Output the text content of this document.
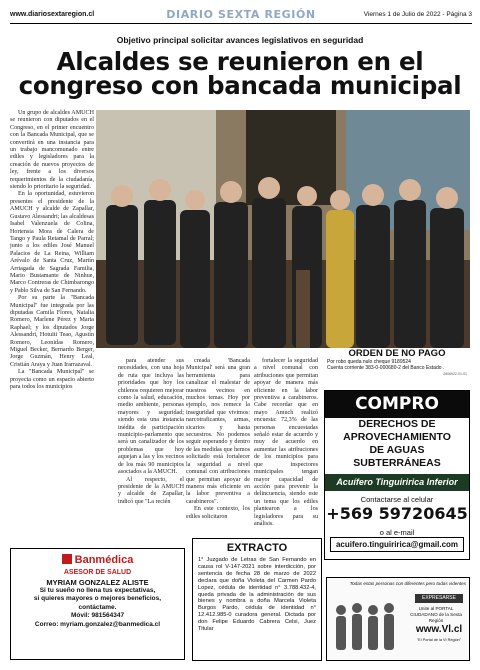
www.diariosextaregion.cl	DIARIO SEXTA REGIÓN	Viernes 1 de Julio de 2022 - Página 3
Objetivo principal solicitar avances legislativos en seguridad
Alcaldes se reunieron en el congreso con bancada municipal

Un grupo de alcaldes AMUCH se reunieron con diputados en el Congreso, en el primer encuentro con la Bancada Municipal, que se convertirá en una instancia para un trabajo mancomunado entre ediles y legisladores para la creación de nuevos proyectos de ley, frente a los diversos requerimientos de la ciudadanía, siendo lo prioritario la seguridad.

En la oportunidad, estuvieron presentes el presidente de la AMUCH y alcalde de Zapallar, Gustavo Alessandri; las alcaldesas Isabel Valenzuela de Colina, Hortensia Mora de Calera de Tango y Paula Retamal de Parral; junto a los ediles José Manuel Palacios de La Reina, William Arévalo de Santa Cruz, Martín Arriagada de Sagrada Familia, Mario Bustamante de Ninhue, Marco Contreras de Chimbarongo y Pablo Silva de San Fernando.

Por su parte la "Bancada Municipal" fue integrada por las diputadas Camila Flores, Natalia Romero, Marlene Pérez y Marta Raphael; y los diputados Jorge Alessandri, Hotuiti Teao, Agustín Romero, Leonidas Romero, Miguel Becker, Bernardo Berger, Jorge Guzmán, Henry Leal, Cristián Araya y Juan Irarrazaval.

La "Bancada Municipal" se proyecta como un espacio abierto para todos los municipios

para atender sus necesidades, con una hoja de ruta que incluya las prioridades que hoy los chilenos requieren mejorar como la salud, educación, medio ambiente, personas mayores y seguridad; siendo esta una instancia inédita de participación municipio-parlamento que será un canalizador de los problemas que hoy aquejan a las y los vecinos de los más 90 municipios asociados a la AMUCH.

Al respecto, el presidente de la AMUCH y alcalde de Zapallar, indicó que "La recién

creada 'Bancada Municipal' será una gran herramienta para canalizar el malestar de nuestros vecinos en muchos temas. Hoy por ejemplo, nos remece la inseguridad que vivimos: narcotraficantes, armas, sicarios y hasta secuestros. No podemos seguir esperando y dentro de las medidas que hemos solicitado está fortalecer la seguridad a nivel comunal con atribuciones que permitan apoyar de manera más eficiente en la labor preventiva a carabineros".

En este contexto, los ediles solicitaron

fortalecer la seguridad a nivel comunal con atribuciones que permitan apoyar de manera más eficiente en la labor preventiva a carabineros. Cabe recordar que en mayo Amuch realizó encuesta: 72,3% de las personas encuestadas señaló estar de acuerdo y muy de acuerdo en aumentar las atribuciones de los municipios para que inspectores municipales tengan mayor capacidad de acción para prevenir la delincuencia, siendo este un tema que los ediles plantearon a los legisladores para su análisis.

ORDEN DE NO PAGO
Por robo queda nulo cheque 9189524
Cuenta corriente 383-0-000680-2 del Banco Estado .
2606922-01-01
COMPRO
DERECHOS DE
APROVECHAMIENTO
DE AGUAS
SUBTERRÁNEAS
Acuífero Tinguiririca Inferior
Contactarse al celular
+569 59720645
o al e-mail
acuifero.tinguiririca@gmail.com
Banmédica
ASESOR DE SALUD
MYRIAM GONZALEZ ALISTE
Si tu sueño no llena tus expectativas,
si quieres mayores o mejores beneficios,
contáctame.
Móvil: 981564347
Correo: myriam.gonzalez@banmedica.cl
EXTRACTO
1° Juzgado de Letras de San Fernando en causa rol V-147-2021 sobre interdicción, por sentencia de fecha 28 de marzo de 2022 declara que doña Violeta del Carmen Pardo Lopez, cédula de identidad n° 3.788.432-4, queda privada de la administración de sus bienes y nombra a doña Marcela Violeta Burgos Pardo, cédula de identidad n° 12.412.985-0 curadora general. Dictada por don Felipe Eduardo Cabrera Celsi, Juez Titular
Todas estas personas con diferentes pero todas videntes
EXPRESARSE
Unite al PORTAL CIUDADANO de la Sexta Región
www.Vl.cl
"El Portal de la VI Región"
